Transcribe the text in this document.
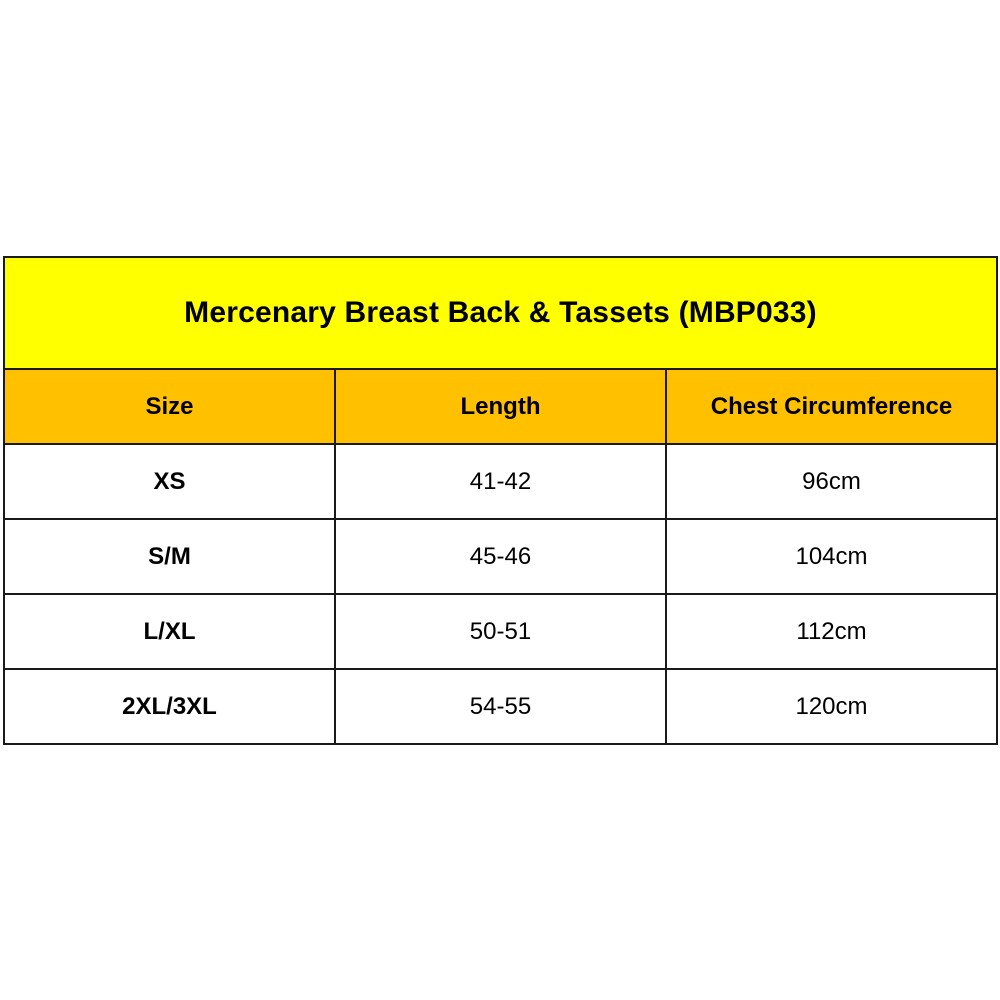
Mercenary Breast Back & Tassets (MBP033)		
Size	Length	Chest Circumference
XS	41-42	96cm
S/M	45-46	104cm
L/XL	50-51	112cm
2XL/3XL	54-55	120cm
